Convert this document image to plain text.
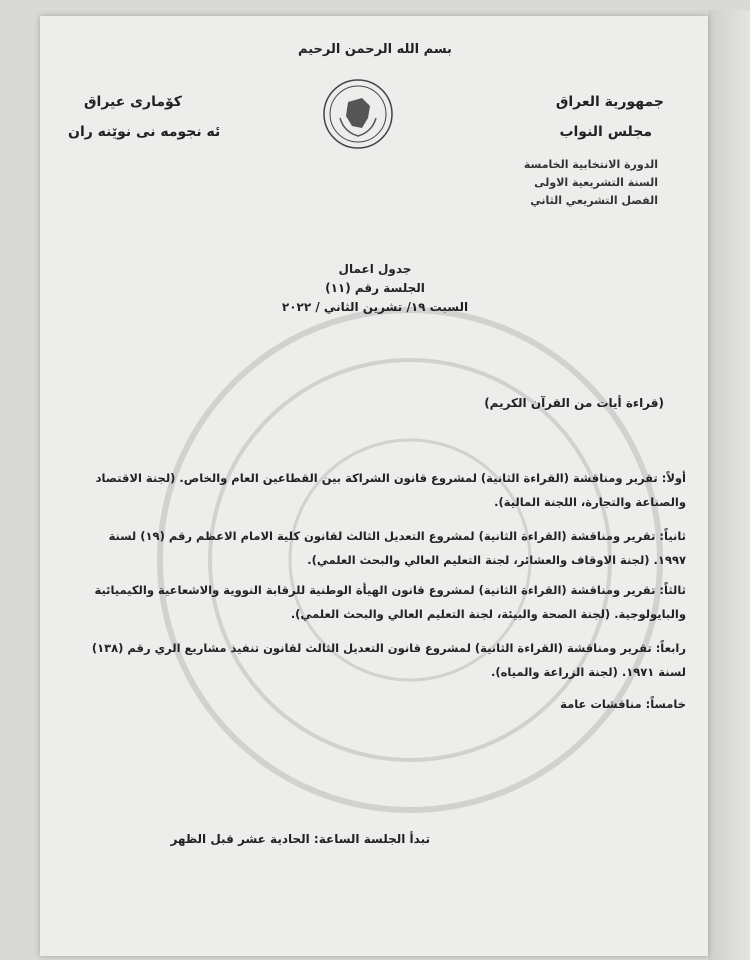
بسم الله الرحمن الرحيم
جمهورية العراق
مجلس النواب
كۆماری عیراق
ئه نجومه نی نوێنه ران
الدورة الانتخابية الخامسة
السنة التشريعية الاولى
الفصل التشريعي الثاني
جدول اعمال
الجلسة رقم (١١)
السبت ١٩/ تشرين الثاني / ٢٠٢٢
(قراءة أيات من القرآن الكريم)
أولاً: تقرير ومناقشة (القراءة الثانية) لمشروع قانون الشراكة بين القطاعين العام والخاص. (لجنة الاقتصاد والصناعة والتجارة، اللجنة المالية).
ثانياً: تقرير ومناقشة (القراءة الثانية) لمشروع التعديل الثالث لقانون كلية الامام الاعظم رقم (١٩) لسنة ١٩٩٧. (لجنة الاوقاف والعشائر، لجنة التعليم العالي والبحث العلمي).
ثالثاً: تقرير ومناقشة (القراءة الثانية) لمشروع قانون الهيأة الوطنية للرقابة النووية والاشعاعية والكيميائية والبايولوجية. (لجنة الصحة والبيئة، لجنة التعليم العالي والبحث العلمي).
رابعاً: تقرير ومناقشة (القراءة الثانية) لمشروع قانون التعديل الثالث لقانون تنفيذ مشاريع الري رقم (١٣٨) لسنة ١٩٧١. (لجنة الزراعة والمياه).
خامساً: مناقشات عامة
تبدأ الجلسة الساعة: الحادية عشر قبل الظهر
